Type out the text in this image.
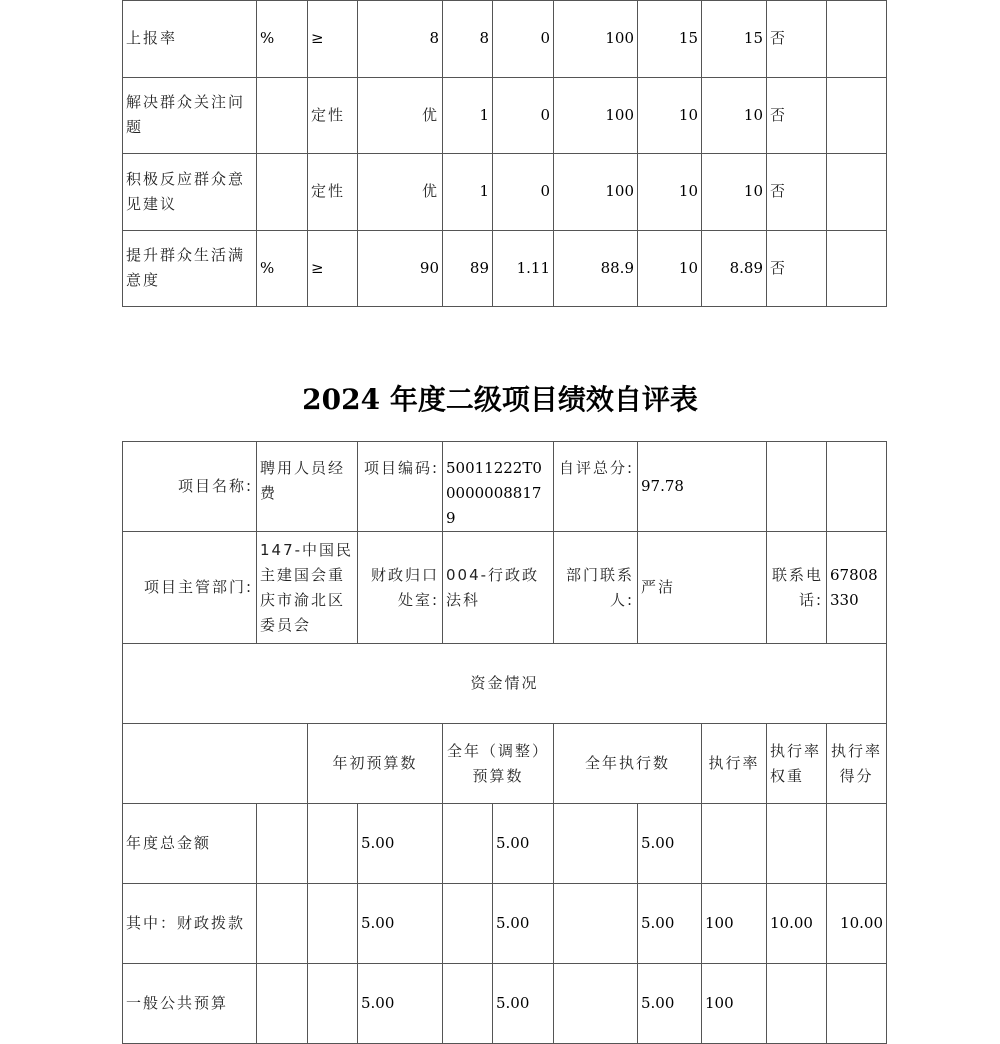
上报率	%	≥	8	8	0	100	15	15	否	
解决群众关注问题		定性	优	1	0	100	10	10	否	
积极反应群众意见建议		定性	优	1	0	100	10	10	否	
提升群众生活满意度	%	≥	90	89	1.11	88.9	10	8.89	否	
2024 年度二级项目绩效自评表
项目名称:	聘用人员经费		项目编码:	50011222T000000088179		自评总分:	97.78			
项目主管部门:	147-中国民主建国会重庆市渝北区委员会		财政归口处室:	004-行政政法科		部门联系人:	严洁		联系电话:	67808330
资金情况										
		年初预算数		全年（调整）预算数		全年执行数		执行率	执行率权重	执行率得分
年度总金额			5.00		5.00		5.00			
其中：财政拨款			5.00		5.00		5.00	100	10.00	10.00
一般公共预算			5.00		5.00		5.00	100		
